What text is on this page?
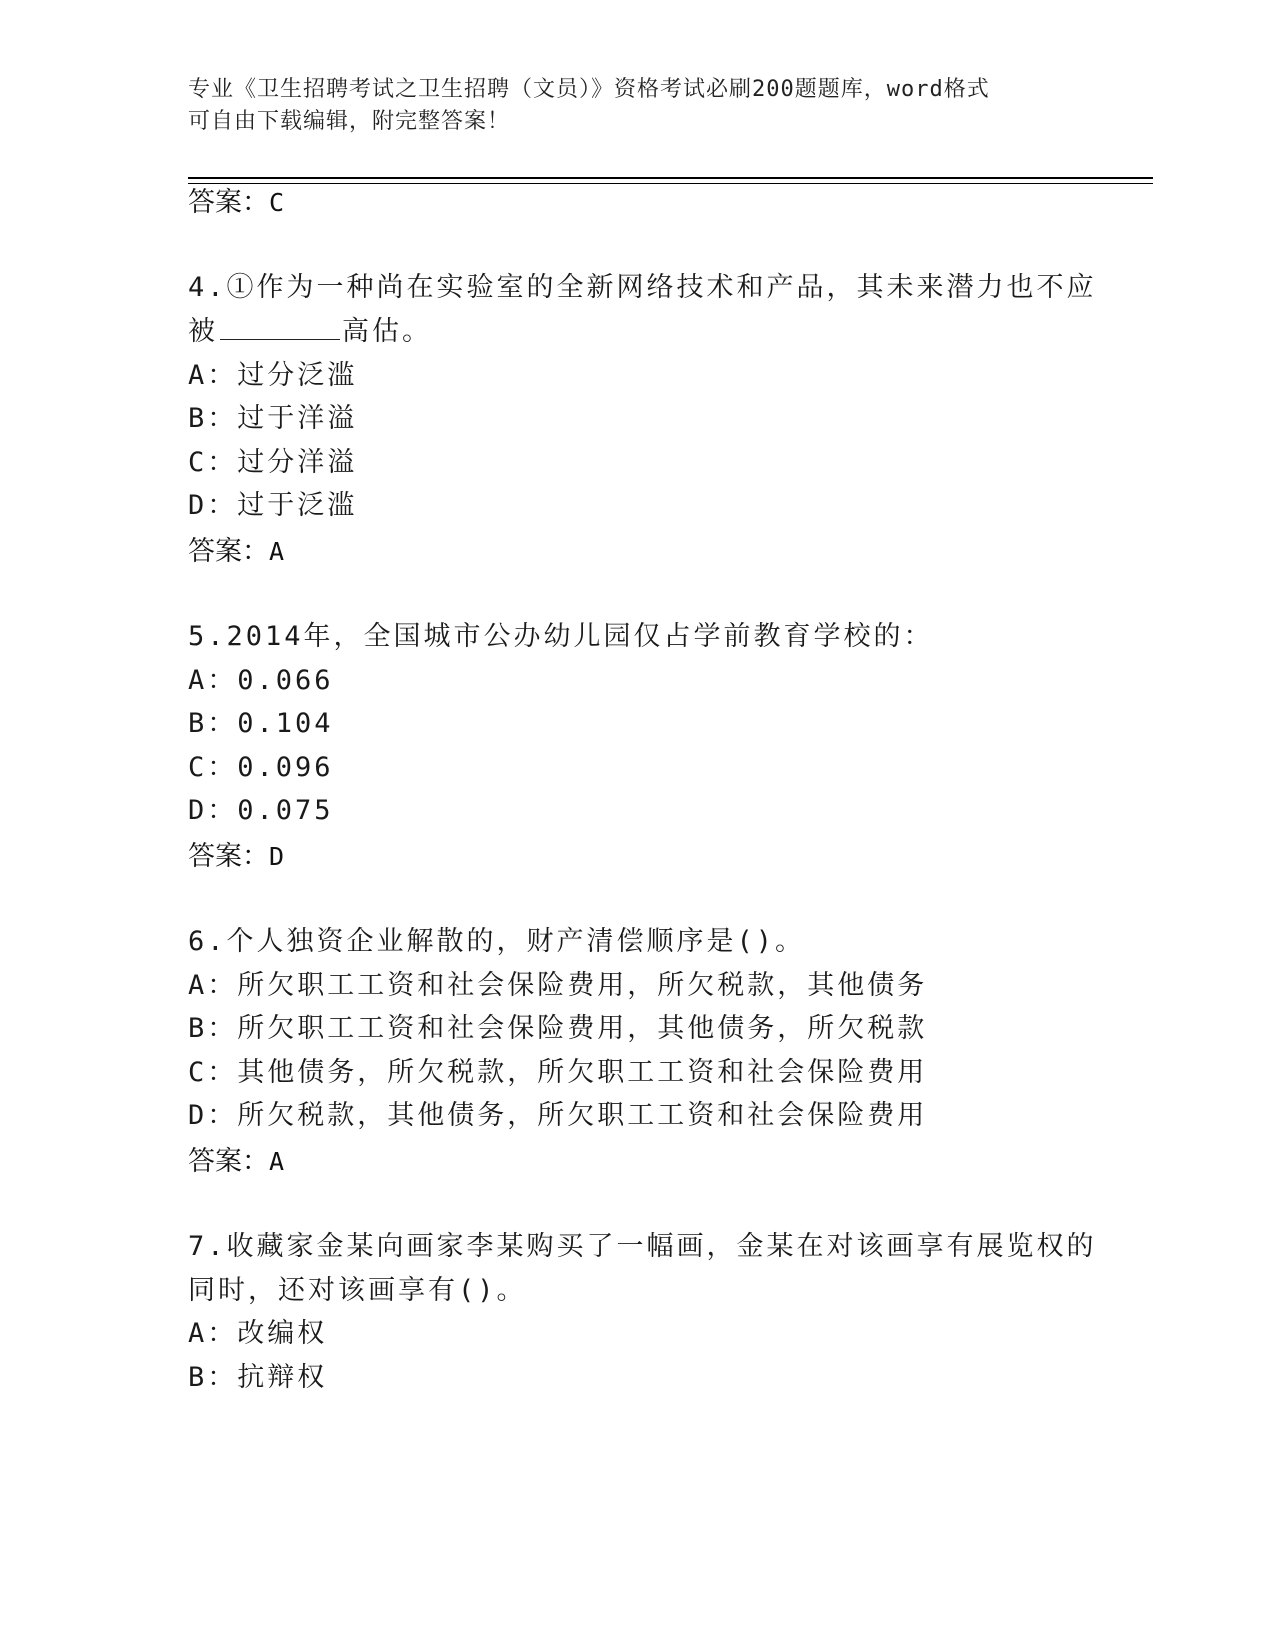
专业《卫生招聘考试之卫生招聘（文员）》资格考试必刷200题题库，word格式
可自由下载编辑，附完整答案！
答案：C
4.①作为一种尚在实验室的全新网络技术和产品，其未来潜力也不应
被	高估。
A：过分泛滥
B：过于洋溢
C：过分洋溢
D：过于泛滥
答案：A
5.2014年，全国城市公办幼儿园仅占学前教育学校的：
A：0.066
B：0.104
C：0.096
D：0.075
答案：D
6.个人独资企业解散的，财产清偿顺序是()。
A：所欠职工工资和社会保险费用，所欠税款，其他债务
B：所欠职工工资和社会保险费用，其他债务，所欠税款
C：其他债务，所欠税款，所欠职工工资和社会保险费用
D：所欠税款，其他债务，所欠职工工资和社会保险费用
答案：A
7.收藏家金某向画家李某购买了一幅画，金某在对该画享有展览权的
同时，还对该画享有()。
A：改编权
B：抗辩权
